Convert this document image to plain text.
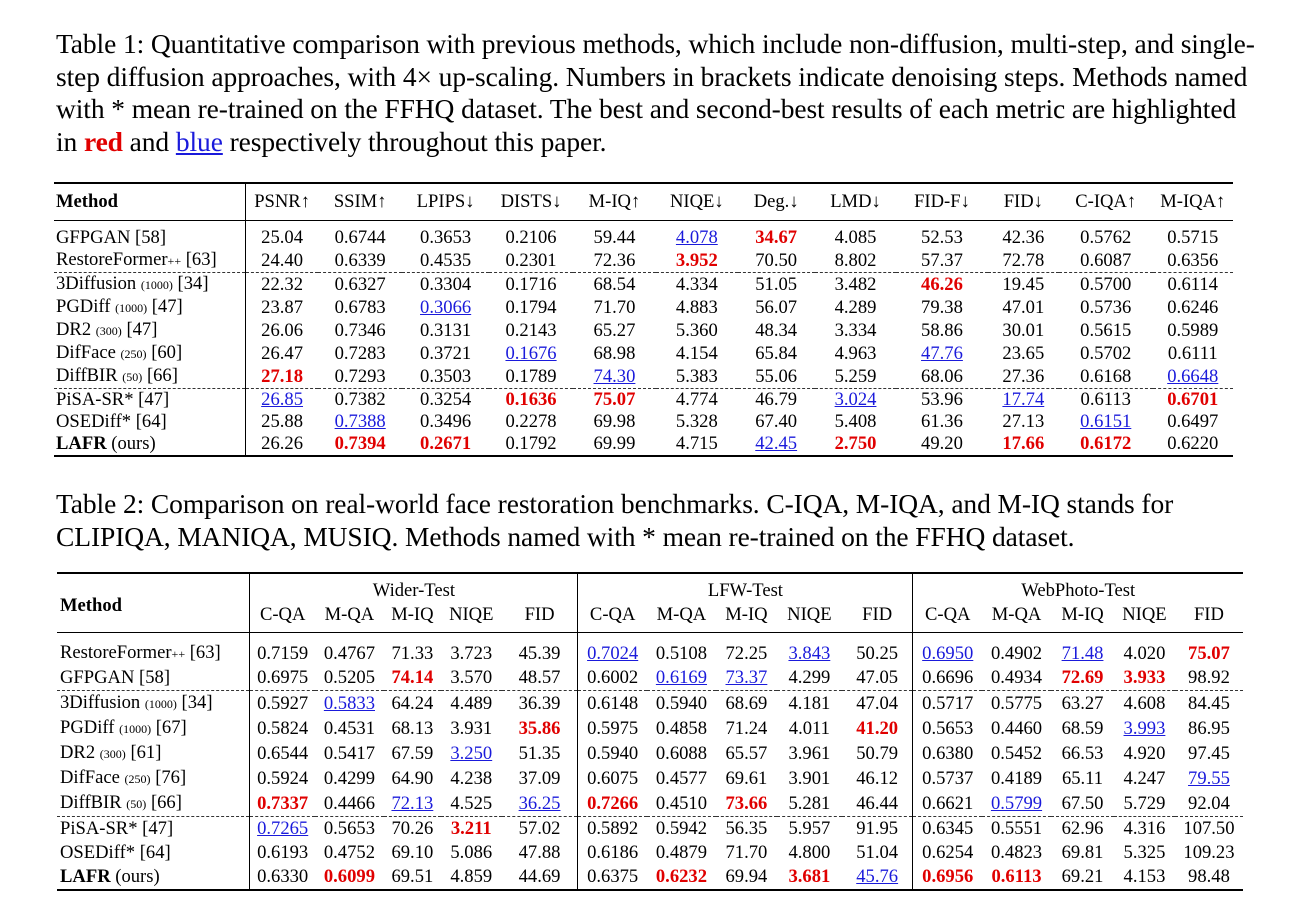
Table 1: Quantitative comparison with previous methods, which include non-diffusion, multi-step, and single-step diffusion approaches, with 4× up-scaling. Numbers in brackets indicate denoising steps. Methods named with * mean re-trained on the FFHQ dataset. The best and second-best results of each metric are highlighted in red and blue respectively throughout this paper.
Method	PSNR↑	SSIM↑	LPIPS↓	DISTS↓	M-IQ↑	NIQE↓	Deg.↓	LMD↓	FID-F↓	FID↓	C-IQA↑	M-IQA↑
GFPGAN [58]	25.04	0.6744	0.3653	0.2106	59.44	4.078	34.67	4.085	52.53	42.36	0.5762	0.5715
RestoreFormer++ [63]	24.40	0.6339	0.4535	0.2301	72.36	3.952	70.50	8.802	57.37	72.78	0.6087	0.6356
3Diffusion (1000) [34]	22.32	0.6327	0.3304	0.1716	68.54	4.334	51.05	3.482	46.26	19.45	0.5700	0.6114
PGDiff (1000) [47]	23.87	0.6783	0.3066	0.1794	71.70	4.883	56.07	4.289	79.38	47.01	0.5736	0.6246
DR2 (300) [47]	26.06	0.7346	0.3131	0.2143	65.27	5.360	48.34	3.334	58.86	30.01	0.5615	0.5989
DifFace (250) [60]	26.47	0.7283	0.3721	0.1676	68.98	4.154	65.84	4.963	47.76	23.65	0.5702	0.6111
DiffBIR (50) [66]	27.18	0.7293	0.3503	0.1789	74.30	5.383	55.06	5.259	68.06	27.36	0.6168	0.6648
PiSA-SR* [47]	26.85	0.7382	0.3254	0.1636	75.07	4.774	46.79	3.024	53.96	17.74	0.6113	0.6701
OSEDiff* [64]	25.88	0.7388	0.3496	0.2278	69.98	5.328	67.40	5.408	61.36	27.13	0.6151	0.6497
LAFR (ours)	26.26	0.7394	0.2671	0.1792	69.99	4.715	42.45	2.750	49.20	17.66	0.6172	0.6220
Table 2: Comparison on real-world face restoration benchmarks. C-IQA, M-IQA, and M-IQ stands for CLIPIQA, MANIQA, MUSIQ. Methods named with * mean re-trained on the FFHQ dataset.
Method	Wider-Test					LFW-Test					WebPhoto-Test				
	C-QA	M-QA	M-IQ	NIQE	FID	C-QA	M-QA	M-IQ	NIQE	FID	C-QA	M-QA	M-IQ	NIQE	FID
RestoreFormer++ [63]	0.7159	0.4767	71.33	3.723	45.39	0.7024	0.5108	72.25	3.843	50.25	0.6950	0.4902	71.48	4.020	75.07
GFPGAN [58]	0.6975	0.5205	74.14	3.570	48.57	0.6002	0.6169	73.37	4.299	47.05	0.6696	0.4934	72.69	3.933	98.92
3Diffusion (1000) [34]	0.5927	0.5833	64.24	4.489	36.39	0.6148	0.5940	68.69	4.181	47.04	0.5717	0.5775	63.27	4.608	84.45
PGDiff (1000) [67]	0.5824	0.4531	68.13	3.931	35.86	0.5975	0.4858	71.24	4.011	41.20	0.5653	0.4460	68.59	3.993	86.95
DR2 (300) [61]	0.6544	0.5417	67.59	3.250	51.35	0.5940	0.6088	65.57	3.961	50.79	0.6380	0.5452	66.53	4.920	97.45
DifFace (250) [76]	0.5924	0.4299	64.90	4.238	37.09	0.6075	0.4577	69.61	3.901	46.12	0.5737	0.4189	65.11	4.247	79.55
DiffBIR (50) [66]	0.7337	0.4466	72.13	4.525	36.25	0.7266	0.4510	73.66	5.281	46.44	0.6621	0.5799	67.50	5.729	92.04
PiSA-SR* [47]	0.7265	0.5653	70.26	3.211	57.02	0.5892	0.5942	56.35	5.957	91.95	0.6345	0.5551	62.96	4.316	107.50
OSEDiff* [64]	0.6193	0.4752	69.10	5.086	47.88	0.6186	0.4879	71.70	4.800	51.04	0.6254	0.4823	69.81	5.325	109.23
LAFR (ours)	0.6330	0.6099	69.51	4.859	44.69	0.6375	0.6232	69.94	3.681	45.76	0.6956	0.6113	69.21	4.153	98.48
